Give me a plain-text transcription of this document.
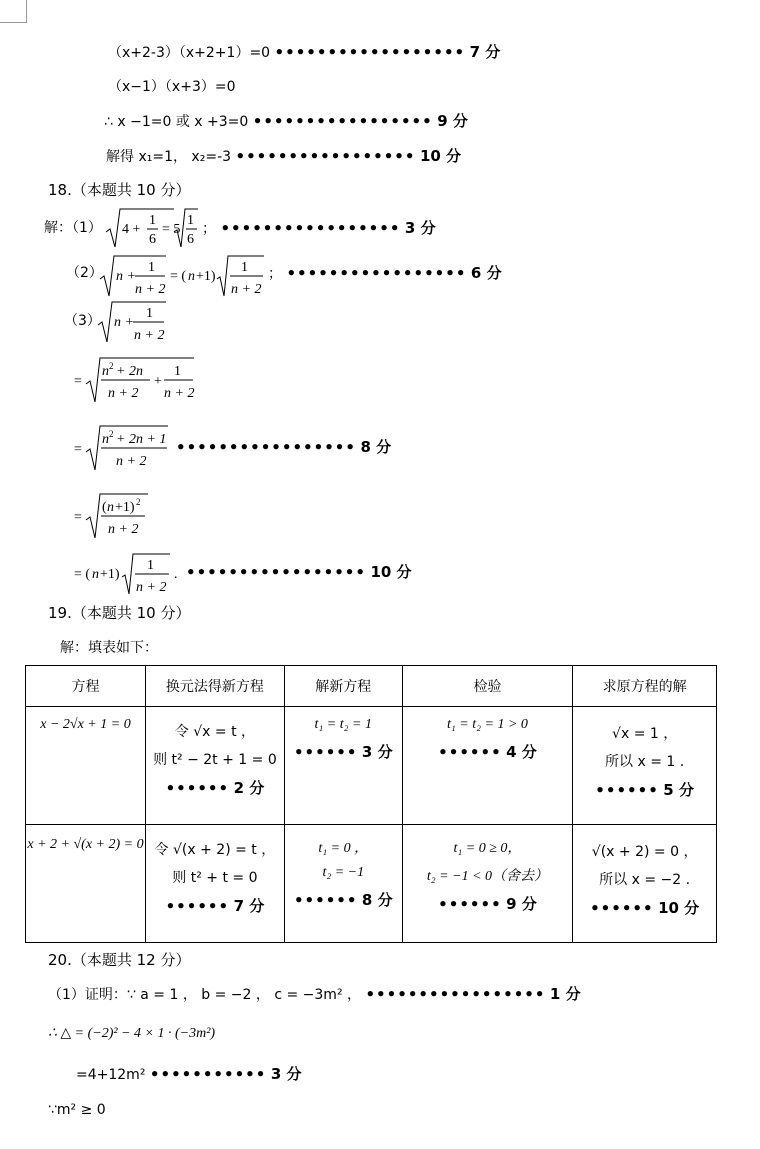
（x+2-3）（x+2+1）=0 •••••••••••••••••• 7 分
（x−1）（x+3）=0
∴ x −1=0 或 x +3=0 ••••••••••••••••• 9 分
解得 x₁=1， x₂=-3 ••••••••••••••••• 10 分
18.（本题共 10 分）
解：（1） 4 +
1
6
= 5
1
6
； ••••••••••••••••• 3 分
（2） n +
1
n + 2
= ( n +1)
1
n + 2
； ••••••••••••••••• 6 分
（3） n +
1
n + 2
=
n 2 + 2n
n + 2
+
1
n + 2
=
n 2 + 2n + 1
n + 2
••••••••••••••••• 8 分
=
( n +1) 2
n + 2
= ( n +1)
1
n + 2
. ••••••••••••••••• 10 分
19.（本题共 10 分）
解：填表如下：
方程	换元法得新方程	解新方程	检验	求原方程的解

x − 2√x + 1 = 0	令 √x = t ，
则 t² − 2t + 1 = 0
•••••• 2 分	t₁ = t₂ = 1
•••••• 3 分	t₁ = t₂ = 1 > 0
•••••• 4 分	√x = 1 ，
所以 x = 1 .
•••••• 5 分

x + 2 + √(x + 2) = 0	令 √(x + 2) = t ，
则 t² + t = 0
•••••• 7 分	t₁ = 0 ，
t₂ = −1
•••••• 8 分	t₁ = 0 ≥ 0，
t₂ = −1 < 0（舍去）
•••••• 9 分	√(x + 2) = 0 ，
所以 x = −2 .
•••••• 10 分
20.（本题共 12 分）
（1）证明：∵ a = 1 ， b = −2 ， c = −3m² ， ••••••••••••••••• 1 分
∴ △ = (−2)² − 4 × 1 · (−3m²)
=4+12m² ••••••••••• 3 分
∵m² ≥ 0
